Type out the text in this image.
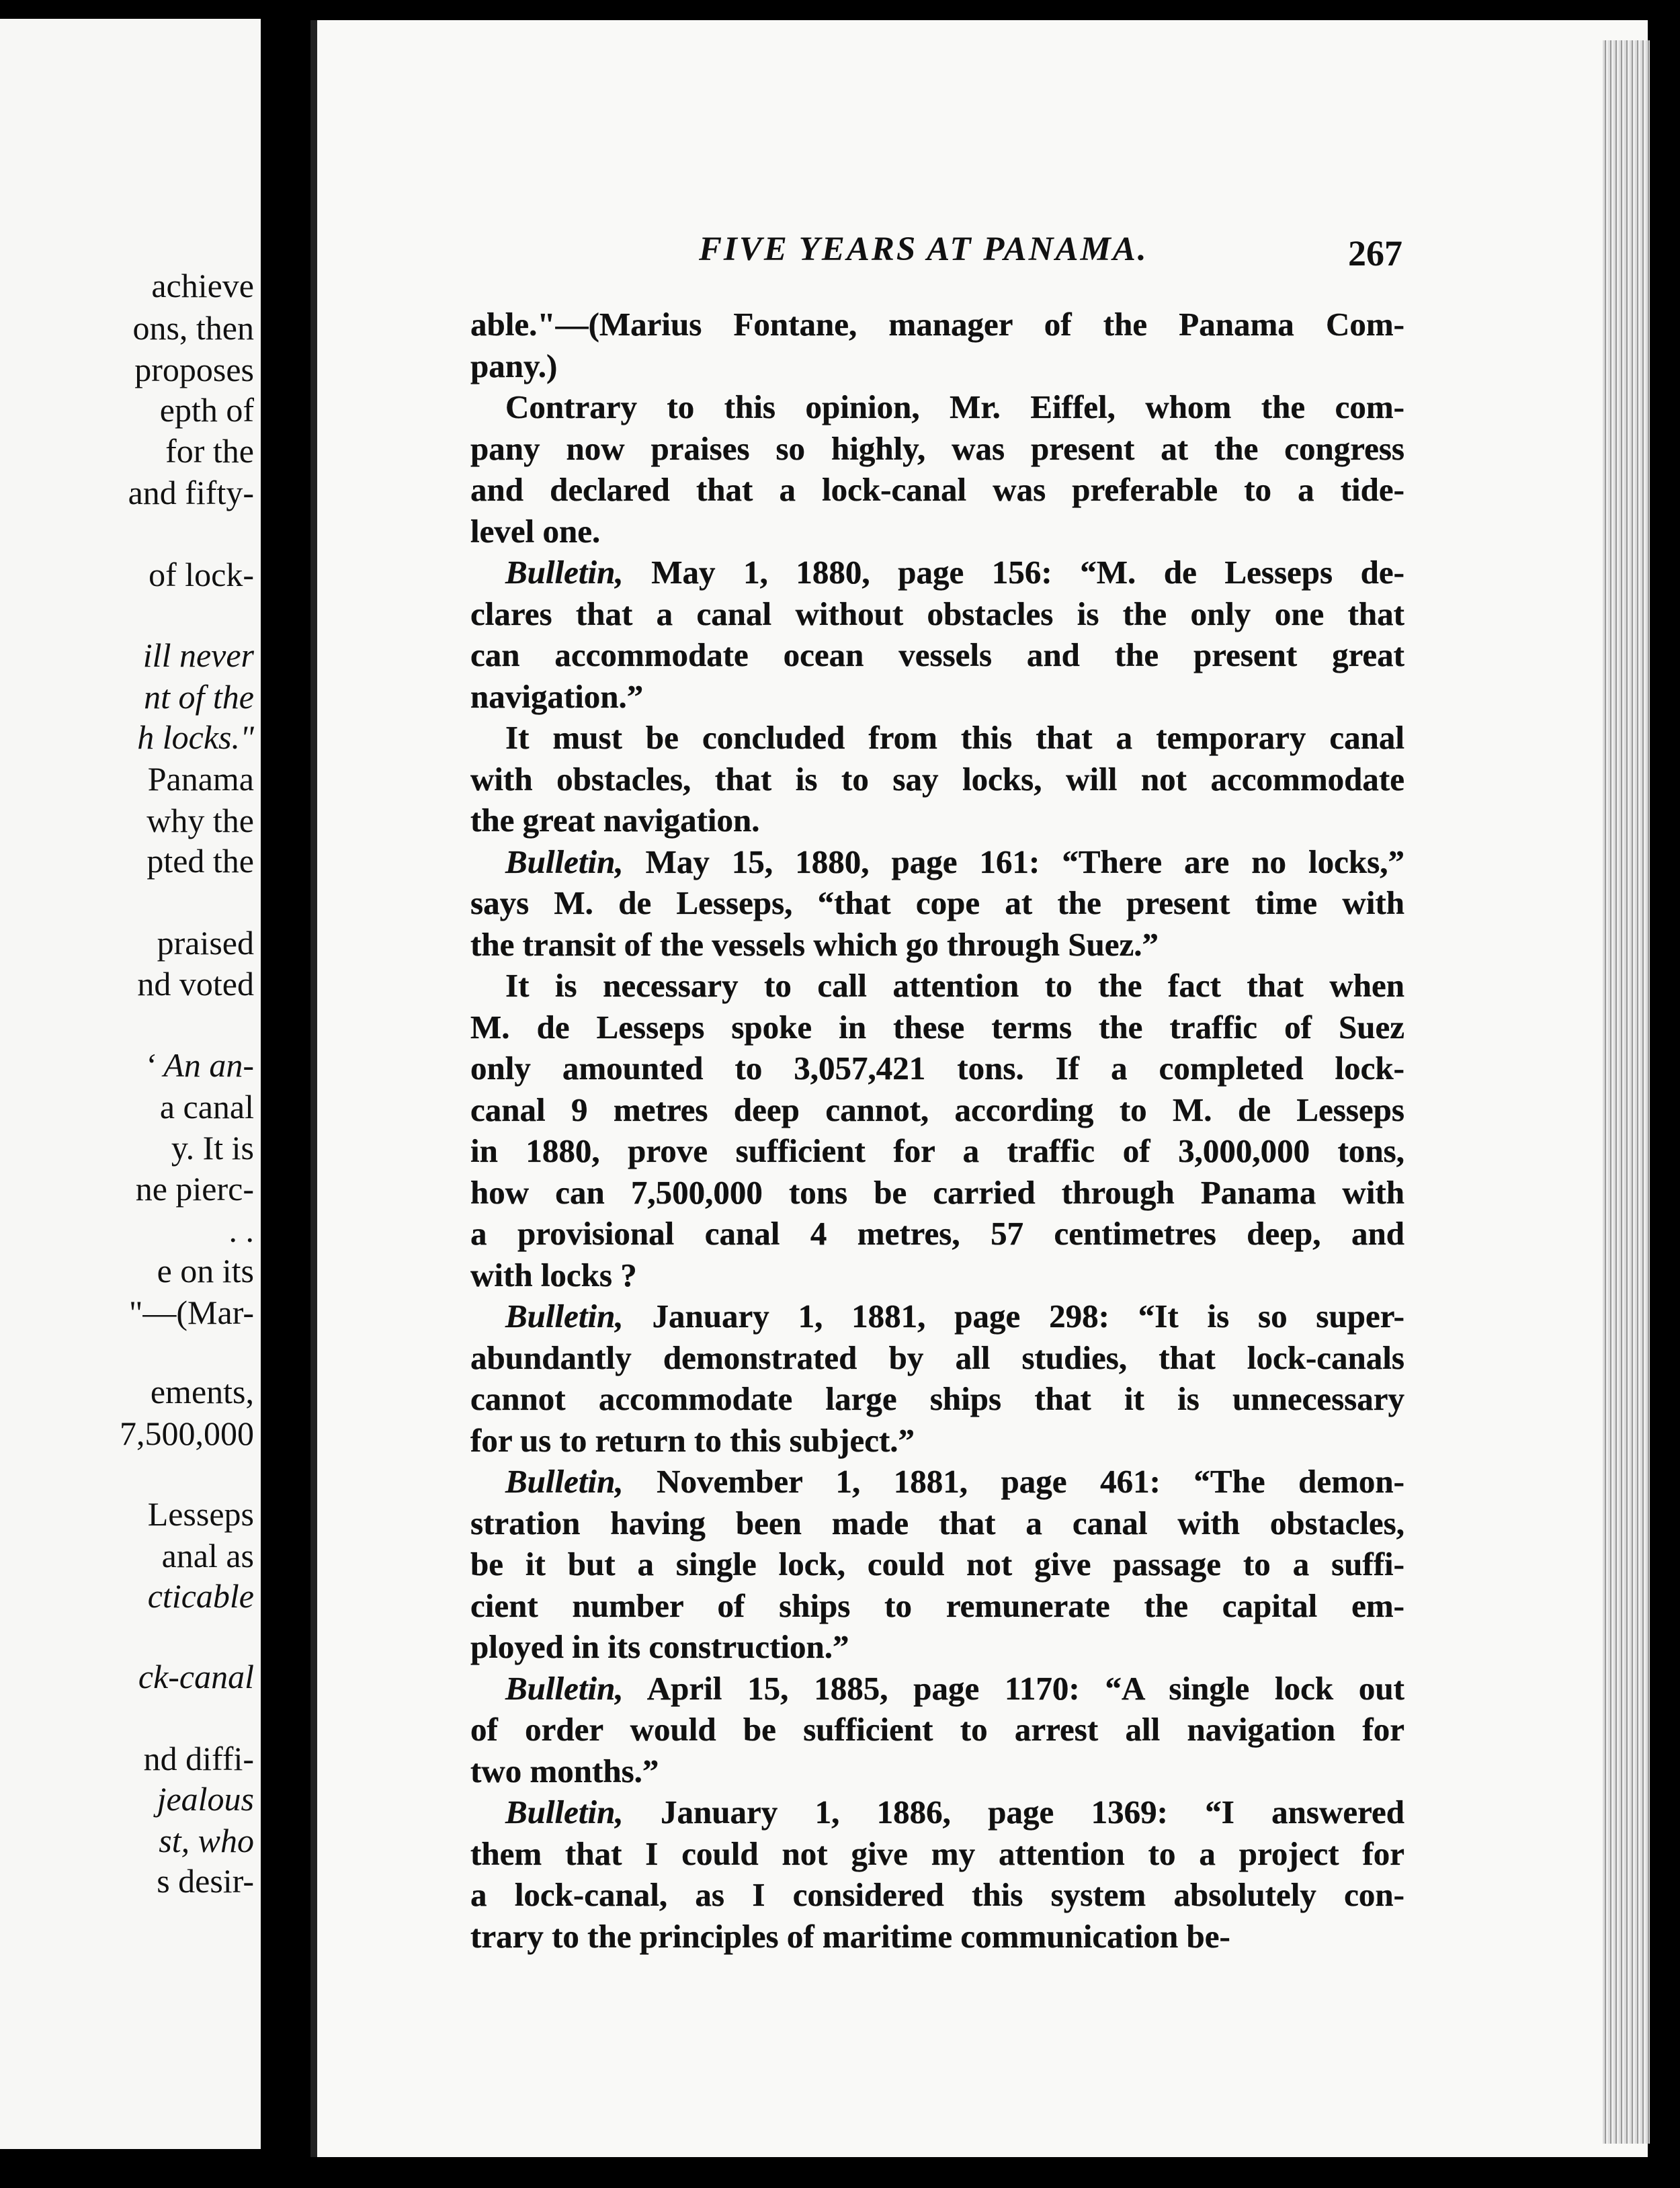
achieve
ons, then
proposes
epth of
for the
and fifty-
of lock-
ill never
nt of the
h locks."
Panama
why the
pted the
praised
nd voted
‘ An an-
a canal
y. It is
ne pierc-
. .
e on its
"—(Mar-
ements,
7,500,000
Lesseps
anal as
cticable
ck-canal
nd diffi-
jealous
st, who
s desir-
FIVE YEARS AT PANAMA.	267
able."—(Marius Fontane, manager of the Panama Com-
pany.)
Contrary to this opinion, Mr. Eiffel, whom the com-
pany now praises so highly, was present at the congress
and declared that a lock-canal was preferable to a tide-
level one.
Bulletin, May 1, 1880, page 156: “M. de Lesseps de-
clares that a canal without obstacles is the only one that
can accommodate ocean vessels and the present great
navigation.”
It must be concluded from this that a temporary canal
with obstacles, that is to say locks, will not accommodate
the great navigation.
Bulletin, May 15, 1880, page 161: “There are no locks,”
says M. de Lesseps, “that cope at the present time with
the transit of the vessels which go through Suez.”
It is necessary to call attention to the fact that when
M. de Lesseps spoke in these terms the traffic of Suez
only amounted to 3,057,421 tons. If a completed lock-
canal 9 metres deep cannot, according to M. de Lesseps
in 1880, prove sufficient for a traffic of 3,000,000 tons,
how can 7,500,000 tons be carried through Panama with
a provisional canal 4 metres, 57 centimetres deep, and
with locks ?
Bulletin, January 1, 1881, page 298: “It is so super-
abundantly demonstrated by all studies, that lock-canals
cannot accommodate large ships that it is unnecessary
for us to return to this subject.”
Bulletin, November 1, 1881, page 461: “The demon-
stration having been made that a canal with obstacles,
be it but a single lock, could not give passage to a suffi-
cient number of ships to remunerate the capital em-
ployed in its construction.”
Bulletin, April 15, 1885, page 1170: “A single lock out
of order would be sufficient to arrest all navigation for
two months.”
Bulletin, January 1, 1886, page 1369: “I answered
them that I could not give my attention to a project for
a lock-canal, as I considered this system absolutely con-
trary to the principles of maritime communication be-
